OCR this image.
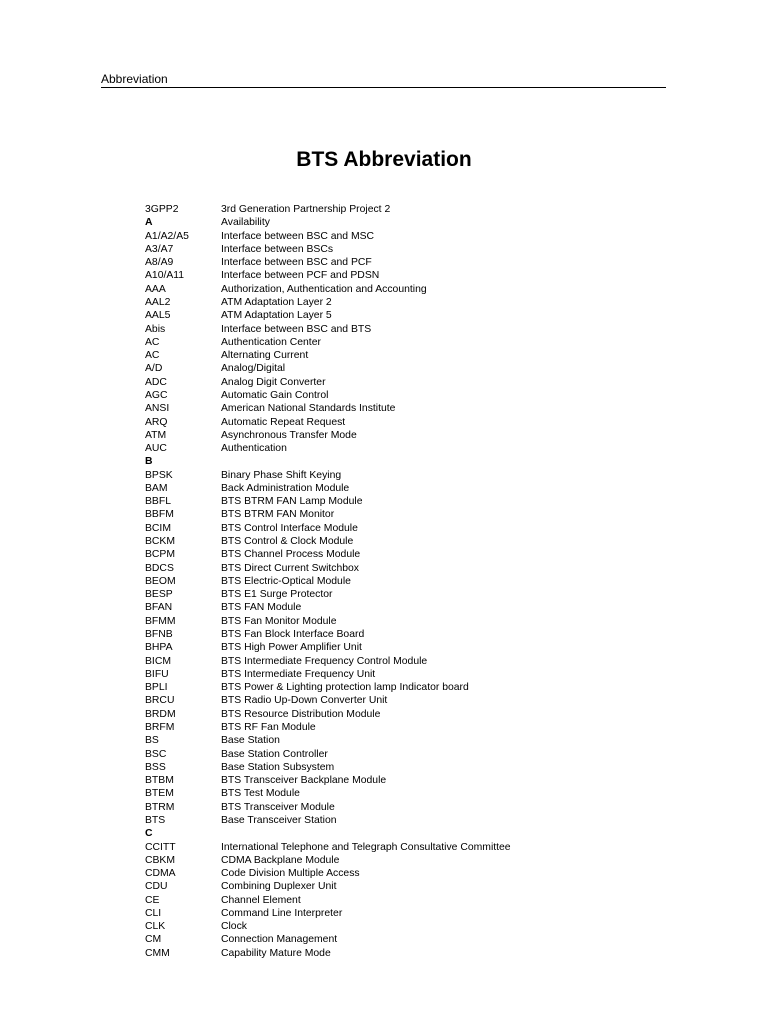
Abbreviation
BTS Abbreviation
3GPP2	3rd Generation Partnership Project 2
A	Availability
A1/A2/A5	Interface between BSC and MSC
A3/A7	Interface between BSCs
A8/A9	Interface between BSC and PCF
A10/A11	Interface between PCF and PDSN
AAA	Authorization, Authentication and Accounting
AAL2	ATM Adaptation Layer 2
AAL5	ATM Adaptation Layer 5
Abis	Interface between BSC and BTS
AC	Authentication Center
AC	Alternating Current
A/D	Analog/Digital
ADC	Analog Digit Converter
AGC	Automatic Gain Control
ANSI	American National Standards Institute
ARQ	Automatic Repeat Request
ATM	Asynchronous Transfer Mode
AUC	Authentication
B
BPSK	Binary Phase Shift Keying
BAM	Back Administration Module
BBFL	BTS BTRM FAN Lamp Module
BBFM	BTS BTRM FAN Monitor
BCIM	BTS Control Interface Module
BCKM	BTS Control & Clock Module
BCPM	BTS Channel Process Module
BDCS	BTS Direct Current Switchbox
BEOM	BTS Electric-Optical Module
BESP	BTS E1 Surge Protector
BFAN	BTS FAN Module
BFMM	BTS Fan Monitor Module
BFNB	BTS Fan Block Interface Board
BHPA	BTS High Power Amplifier Unit
BICM	BTS Intermediate Frequency Control Module
BIFU	BTS Intermediate Frequency Unit
BPLI	BTS Power & Lighting protection lamp Indicator board
BRCU	BTS Radio Up-Down Converter Unit
BRDM	BTS Resource Distribution Module
BRFM	BTS RF Fan Module
BS	Base Station
BSC	Base Station Controller
BSS	Base Station Subsystem
BTBM	BTS Transceiver Backplane Module
BTEM	BTS Test Module
BTRM	BTS Transceiver Module
BTS	Base Transceiver Station
C
CCITT	International Telephone and Telegraph Consultative Committee
CBKM	CDMA Backplane Module
CDMA	Code Division Multiple Access
CDU	Combining Duplexer Unit
CE	Channel Element
CLI	Command Line Interpreter
CLK	Clock
CM	Connection Management
CMM	Capability Mature Mode
